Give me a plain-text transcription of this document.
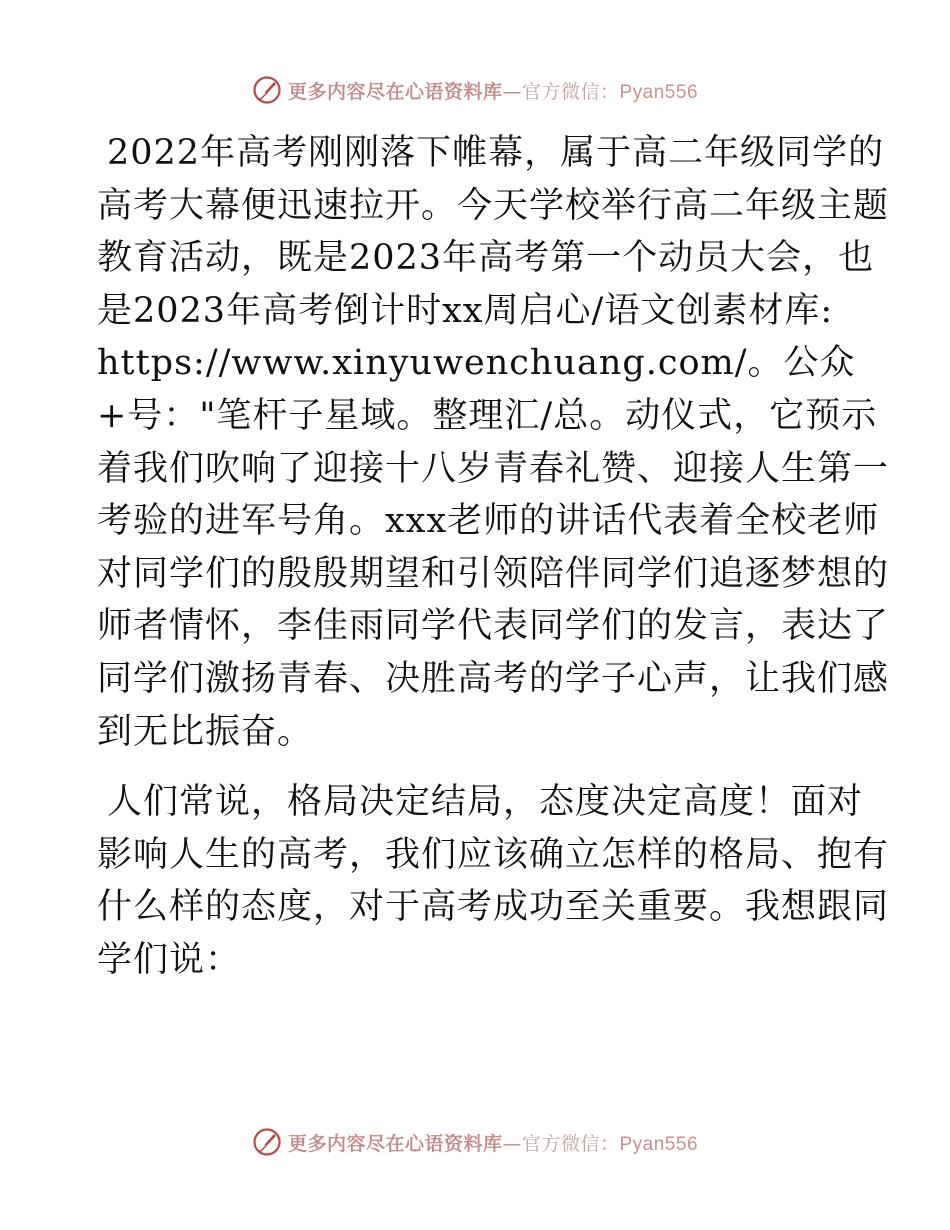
更多内容尽在心语资料库—官方微信：Pyan556
2022年高考刚刚落下帷幕，属于高二年级同学的
高考大幕便迅速拉开。今天学校举行高二年级主题
教育活动，既是2023年高考第一个动员大会，也
是2023年高考倒计时xx周启心/语文创素材库:
https://www.xinyuwenchuang.com/。公众
+号："笔杆子星域。整理汇/总。动仪式，它预示
着我们吹响了迎接十八岁青春礼赞、迎接人生第一
考验的进军号角。xxx老师的讲话代表着全校老师
对同学们的殷殷期望和引领陪伴同学们追逐梦想的
师者情怀，李佳雨同学代表同学们的发言，表达了
同学们激扬青春、决胜高考的学子心声，让我们感
到无比振奋。
人们常说，格局决定结局，态度决定高度！面对
影响人生的高考，我们应该确立怎样的格局、抱有
什么样的态度，对于高考成功至关重要。我想跟同
学们说：
更多内容尽在心语资料库—官方微信：Pyan556
